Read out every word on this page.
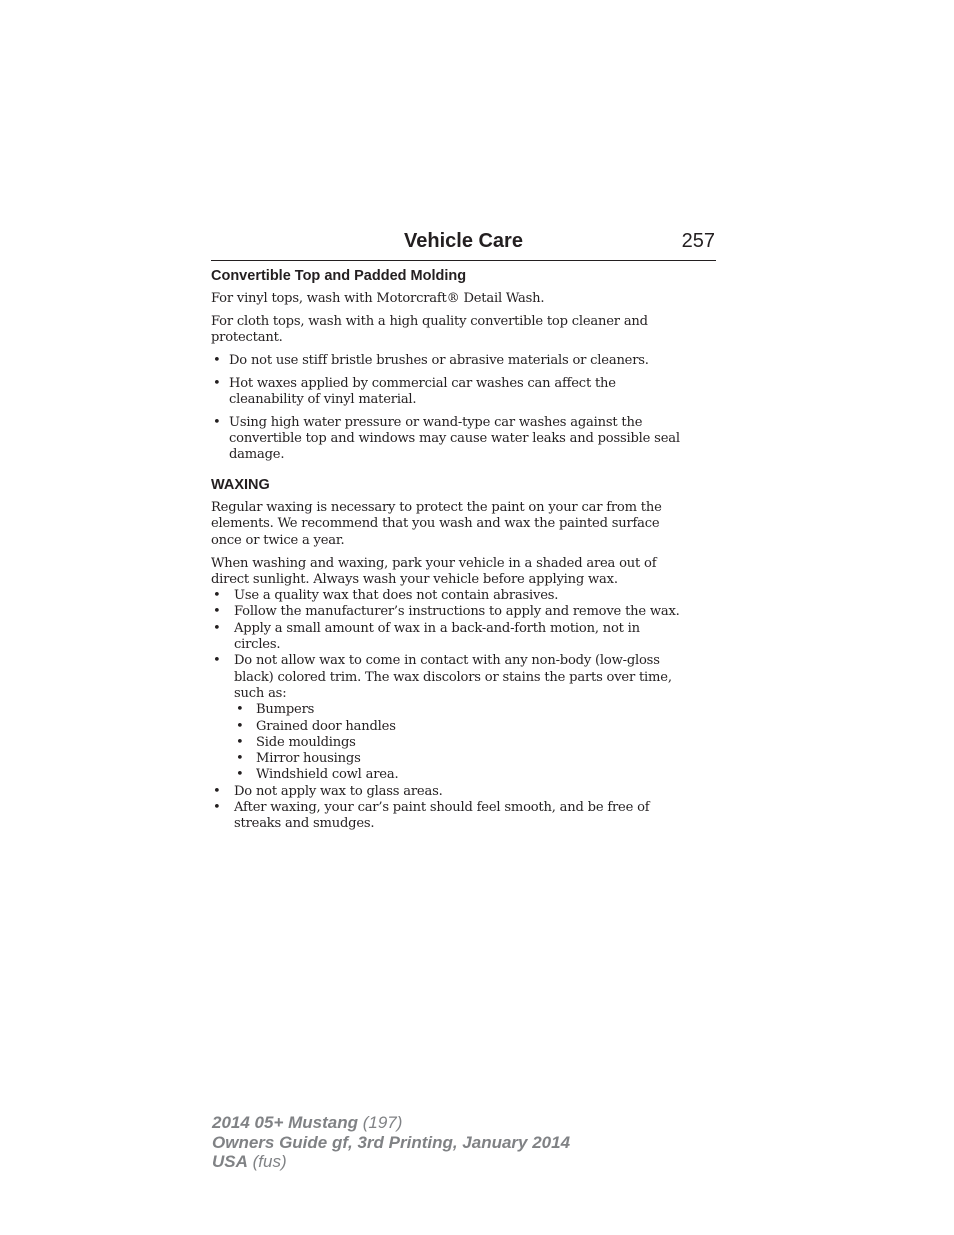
Vehicle Care	257
Convertible Top and Padded Molding

For vinyl tops, wash with Motorcraft® Detail Wash.

For cloth tops, wash with a high quality convertible top cleaner and
protectant.

• Do not use stiff bristle brushes or abrasive materials or cleaners.
• Hot waxes applied by commercial car washes can affect the
cleanability of vinyl material.
• Using high water pressure or wand-type car washes against the
convertible top and windows may cause water leaks and possible seal
damage.
WAXING

Regular waxing is necessary to protect the paint on your car from the
elements. We recommend that you wash and wax the painted surface
once or twice a year.

When washing and waxing, park your vehicle in a shaded area out of
direct sunlight. Always wash your vehicle before applying wax.

• Use a quality wax that does not contain abrasives.
• Follow the manufacturer’s instructions to apply and remove the wax.
• Apply a small amount of wax in a back-and-forth motion, not in
circles.
• Do not allow wax to come in contact with any non-body (low-gloss
black) colored trim. The wax discolors or stains the parts over time,
such as:
• Bumpers
• Grained door handles
• Side mouldings
• Mirror housings
• Windshield cowl area.
• Do not apply wax to glass areas.
• After waxing, your car’s paint should feel smooth, and be free of
streaks and smudges.
2014 05+ Mustang (197)
Owners Guide gf, 3rd Printing, January 2014
USA (fus)
